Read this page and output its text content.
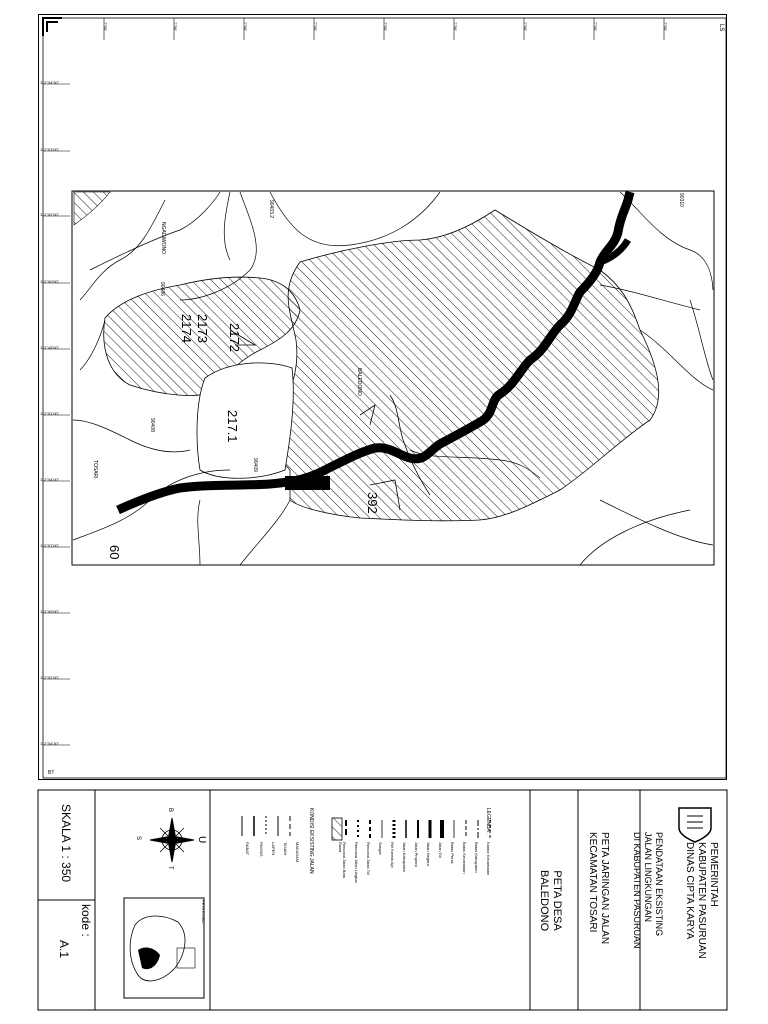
7°56'	7°56'	7°56'	7°56'	7°56'	7°56'	7°56'	7°56'	7°56'	LS
112°54'30"
112°53'00"
112°52'00"
112°50'00"
112°48'00"
112°51'00"
112°54'00"
112°57'00"
112°59'00"
112°52'00"
112°54'30"
BT
NGADIWONO
90403.2
90310
90408
90406
90409
BALEDONO
TOSARI
2173
2174	2172
217.1
392
60
PEMERINTAH
KABUPATEN PASURUAN
DINAS CIPTA KARYA
PENDATAAN EKSISTING
JALAN LINGKUNGAN
DI KABUPATEN PASURUAN
PETA JARINGAN JALAN
KECAMATAN TOSARI
PETA DESA
BALEDONO
LEGENDA :
Kantor Kecamatan
Batas Kabupaten
Batas Kecamatan
Batas Persil
Jalan Tol
Jalan Negara
Jalan Propinsi
Jalan Kabupaten
Rel Kereta Api
Sungai
Rencana Jalan Tol
Rencana Jalan Lingkar
Rencana Jalan Baru
Rawa
KONDISI EKSISTING JALAN
MAKADAM
TANAH
LAPEN
PAVING
RABAT
U
S
B
T
PETA KUNCI :
SKALA 1 : 350
kode :
A.1
